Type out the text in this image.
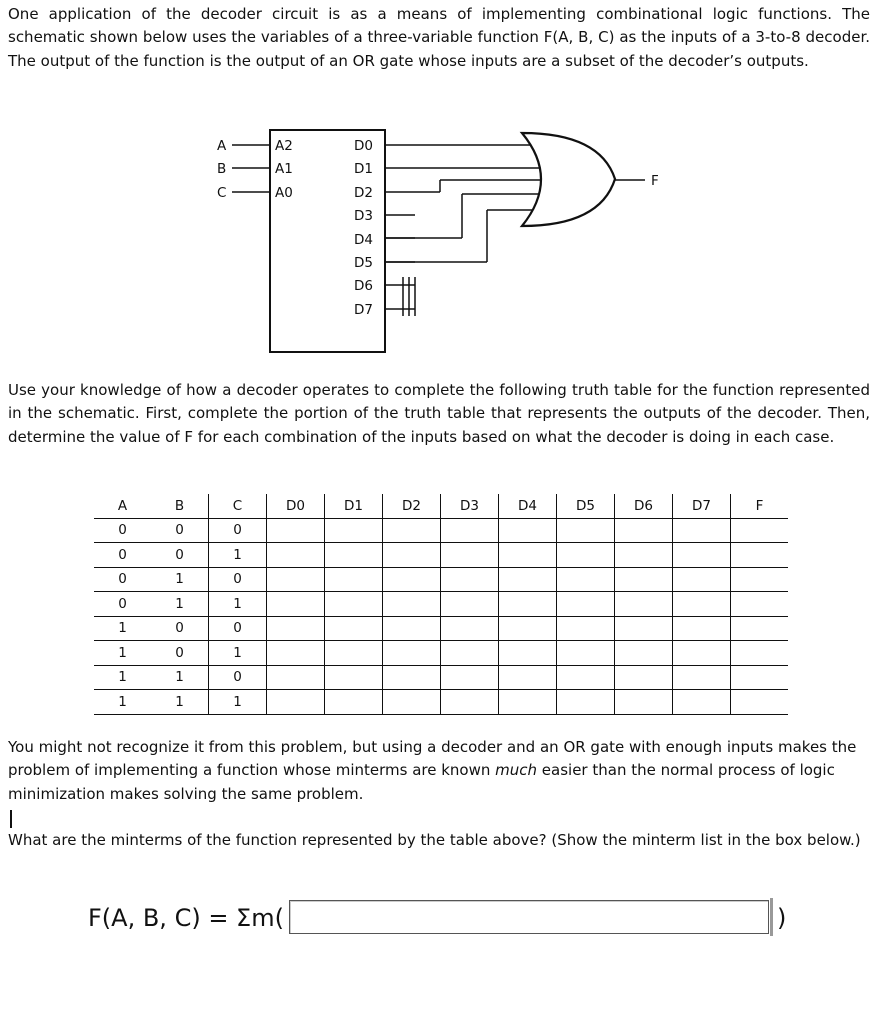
One application of the decoder circuit is as a means of implementing combinational logic functions. The schematic shown below uses the variables of a three-variable function F(A, B, C) as the inputs of a 3-to-8 decoder. The output of the function is the output of an OR gate whose inputs are a subset of the decoder’s outputs.

A
B
C
A2
A1
A0
D0
D1
D2
D3
D4
D5
D6
D7
F

Use your knowledge of how a decoder operates to complete the following truth table for the function represented in the schematic. First, complete the portion of the truth table that represents the outputs of the decoder. Then, determine the value of F for each combination of the inputs based on what the decoder is doing in each case.

A	B	C	D0	D1	D2	D3	D4	D5	D6	D7	F
0	0	0									
0	0	1									
0	1	0									
0	1	1									
1	0	0									
1	0	1									
1	1	0									
1	1	1									

You might not recognize it from this problem, but using a decoder and an OR gate with enough inputs makes the problem of implementing a function whose minterms are known much easier than the normal process of logic minimization makes solving the same problem.

What are the minterms of the function represented by the table above? (Show the minterm list in the box below.)

F(A, B, C) = Σm(	)
